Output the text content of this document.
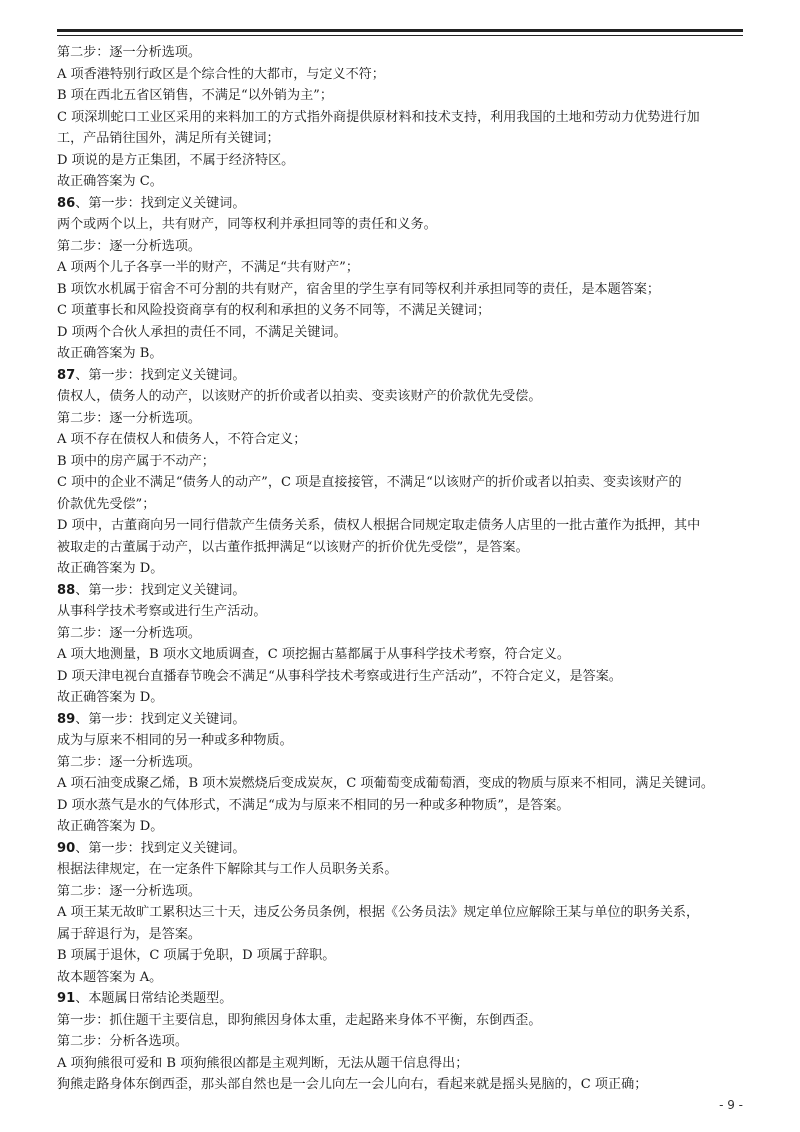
第二步：逐一分析选项。
A 项香港特别行政区是个综合性的大都市，与定义不符；
B 项在西北五省区销售，不满足“以外销为主”；
C 项深圳蛇口工业区采用的来料加工的方式指外商提供原材料和技术支持，利用我国的土地和劳动力优势进行加
工，产品销往国外，满足所有关键词；
D 项说的是方正集团，不属于经济特区。
故正确答案为 C。
86、第一步：找到定义关键词。
两个或两个以上，共有财产，同等权利并承担同等的责任和义务。
第二步：逐一分析选项。
A 项两个儿子各享一半的财产，不满足“共有财产”；
B 项饮水机属于宿舍不可分割的共有财产，宿舍里的学生享有同等权利并承担同等的责任，是本题答案；
C 项董事长和风险投资商享有的权利和承担的义务不同等，不满足关键词；
D 项两个合伙人承担的责任不同，不满足关键词。
故正确答案为 B。
87、第一步：找到定义关键词。
债权人，债务人的动产，以该财产的折价或者以拍卖、变卖该财产的价款优先受偿。
第二步：逐一分析选项。
A 项不存在债权人和债务人，不符合定义；
B 项中的房产属于不动产；
C 项中的企业不满足“债务人的动产”，C 项是直接接管，不满足“以该财产的折价或者以拍卖、变卖该财产的
价款优先受偿”；
D 项中，古董商向另一同行借款产生债务关系，债权人根据合同规定取走债务人店里的一批古董作为抵押，其中
被取走的古董属于动产，以古董作抵押满足“以该财产的折价优先受偿”，是答案。
故正确答案为 D。
88、第一步：找到定义关键词。
从事科学技术考察或进行生产活动。
第二步：逐一分析选项。
A 项大地测量，B 项水文地质调查，C 项挖掘古墓都属于从事科学技术考察，符合定义。
D 项天津电视台直播春节晚会不满足“从事科学技术考察或进行生产活动”，不符合定义，是答案。
故正确答案为 D。
89、第一步：找到定义关键词。
成为与原来不相同的另一种或多种物质。
第二步：逐一分析选项。
A 项石油变成聚乙烯，B 项木炭燃烧后变成炭灰，C 项葡萄变成葡萄酒，变成的物质与原来不相同，满足关键词。
D 项水蒸气是水的气体形式，不满足“成为与原来不相同的另一种或多种物质”，是答案。
故正确答案为 D。
90、第一步：找到定义关键词。
根据法律规定，在一定条件下解除其与工作人员职务关系。
第二步：逐一分析选项。
A 项王某无故旷工累积达三十天，违反公务员条例，根据《公务员法》规定单位应解除王某与单位的职务关系，
属于辞退行为，是答案。
B 项属于退休，C 项属于免职，D 项属于辞职。
故本题答案为 A。
91、本题属日常结论类题型。
第一步：抓住题干主要信息，即狗熊因身体太重，走起路来身体不平衡，东倒西歪。
第二步：分析各选项。
A 项狗熊很可爱和 B 项狗熊很凶都是主观判断，无法从题干信息得出；
狗熊走路身体东倒西歪，那头部自然也是一会儿向左一会儿向右，看起来就是摇头晃脑的，C 项正确；
- 9 -
